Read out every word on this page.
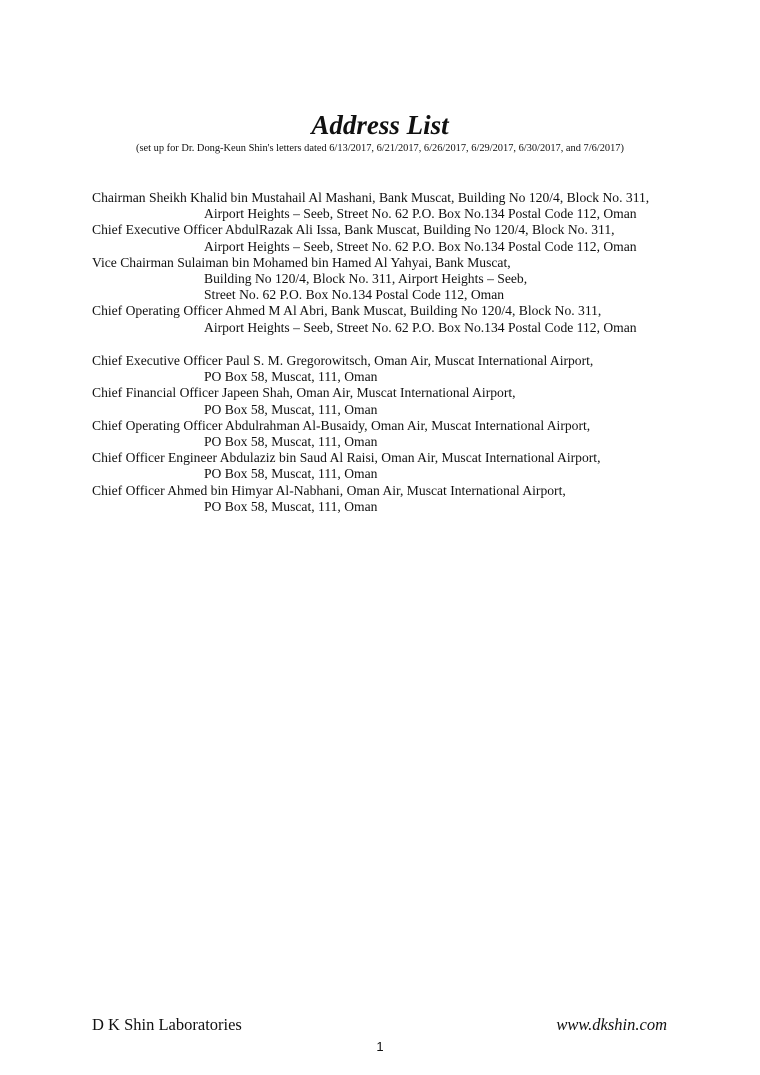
Address List
(set up for Dr. Dong-Keun Shin's letters dated 6/13/2017, 6/21/2017, 6/26/2017, 6/29/2017, 6/30/2017, and 7/6/2017)
Chairman Sheikh Khalid bin Mustahail Al Mashani, Bank Muscat, Building No 120/4, Block No. 311,
Airport Heights – Seeb, Street No. 62 P.O. Box No.134 Postal Code 112, Oman
Chief Executive Officer AbdulRazak Ali Issa, Bank Muscat, Building No 120/4, Block No. 311,
Airport Heights – Seeb, Street No. 62 P.O. Box No.134 Postal Code 112, Oman
Vice Chairman Sulaiman bin Mohamed bin Hamed Al Yahyai, Bank Muscat,
Building No 120/4, Block No. 311, Airport Heights – Seeb,
Street No. 62 P.O. Box No.134 Postal Code 112, Oman
Chief Operating Officer Ahmed M Al Abri, Bank Muscat, Building No 120/4, Block No. 311,
Airport Heights – Seeb, Street No. 62 P.O. Box No.134 Postal Code 112, Oman
Chief Executive Officer Paul S. M. Gregorowitsch, Oman Air, Muscat International Airport,
PO Box 58, Muscat, 111, Oman
Chief Financial Officer Japeen Shah, Oman Air, Muscat International Airport,
PO Box 58, Muscat, 111, Oman
Chief Operating Officer Abdulrahman Al-Busaidy, Oman Air, Muscat International Airport,
PO Box 58, Muscat, 111, Oman
Chief Officer Engineer Abdulaziz bin Saud Al Raisi, Oman Air, Muscat International Airport,
PO Box 58, Muscat, 111, Oman
Chief Officer Ahmed bin Himyar Al-Nabhani, Oman Air, Muscat International Airport,
PO Box 58, Muscat, 111, Oman
D K Shin Laboratories	www.dkshin.com
1
